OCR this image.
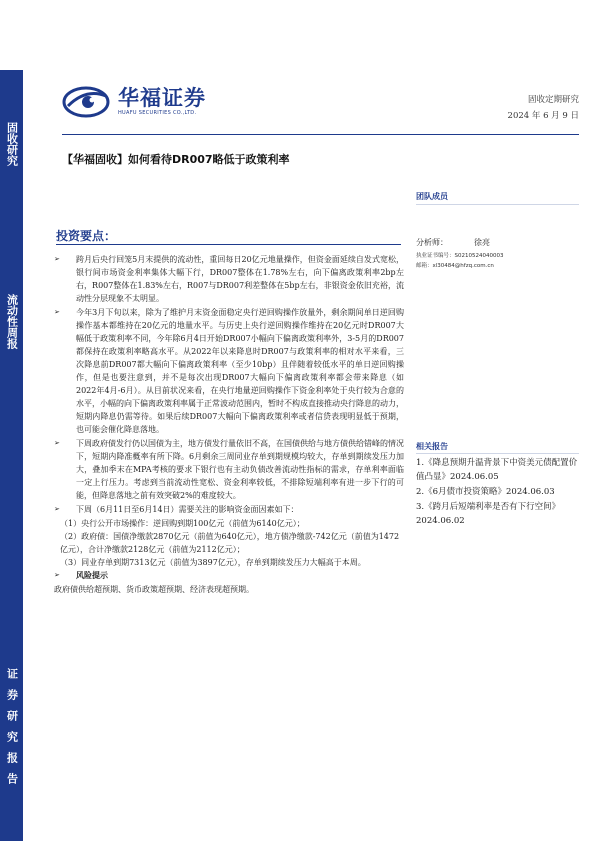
固收研究
流动性周报
证券研究报告
华福证券
HUAFU SECURITIES CO.,LTD.
固收定期研究
2024 年 6 月 9 日
【华福固收】如何看待DR007略低于政策利率
团队成员
分析师：	徐亮
执业证书编号：S0210524040003
邮箱：xl30484@hfzq.com.cn
相关报告
1.《降息预期升温背景下中资美元债配置价值凸显》2024.06.05
2.《6月债市投资策略》2024.06.03
3.《跨月后短端利率是否有下行空间》2024.06.02
投资要点：
➢ 跨月后央行回笼5月末提供的流动性，重回每日20亿元地量操作，但资金面延续自发式宽松，银行间市场资金利率集体大幅下行，DR007整体在1.78%左右，向下偏离政策利率2bp左右，R007整体在1.83%左右，R007与DR007利差整体在5bp左右，非银资金依旧充裕，流动性分层现象不太明显。
➢ 今年3月下旬以来，除为了维护月末资金面稳定央行逆回购操作放量外，剩余期间单日逆回购操作基本都维持在20亿元的地量水平。与历史上央行逆回购操作维持在20亿元时DR007大幅低于政策利率不同，今年除6月4日开始DR007小幅向下偏离政策利率外，3-5月的DR007都保持在政策利率略高水平。从2022年以来降息时DR007与政策利率的相对水平来看，三次降息前DR007都大幅向下偏离政策利率（至少10bp）且伴随着较低水平的单日逆回购操作，但是也要注意到，并不是每次出现DR007大幅向下偏离政策利率都会带来降息（如2022年4月-6月）。从目前状况来看，在央行地量逆回购操作下资金利率处于央行较为合意的水平，小幅的向下偏离政策利率属于正常波动范围内，暂时不构成直接推动央行降息的动力，短期内降息仍需等待。如果后续DR007大幅向下偏离政策利率或者信贷表现明显低于预期，也可能会催化降息落地。
➢ 下周政府债发行仍以国债为主，地方债发行量依旧不高，在国债供给与地方债供给错峰的情况下，短期内降准概率有所下降。6月剩余三周同业存单到期规模均较大，存单到期续发压力加大，叠加季末在MPA考核的要求下银行也有主动负债改善流动性指标的需求，存单利率面临一定上行压力。考虑到当前流动性宽松、资金利率较低，不排除短端利率有进一步下行的可能，但降息落地之前有效突破2%的难度较大。
➢ 下周（6月11日至6月14日）需要关注的影响资金面因素如下：
（1）央行公开市场操作：逆回购到期100亿元（前值为6140亿元）；
（2）政府债：国债净缴款2870亿元（前值为640亿元），地方债净缴款-742亿元（前值为1472亿元），合计净缴款2128亿元（前值为2112亿元）；
（3）同业存单到期7313亿元（前值为3897亿元），存单到期续发压力大幅高于本周。
➢ 风险提示
政府债供给超预期、货币政策超预期、经济表现超预期。
